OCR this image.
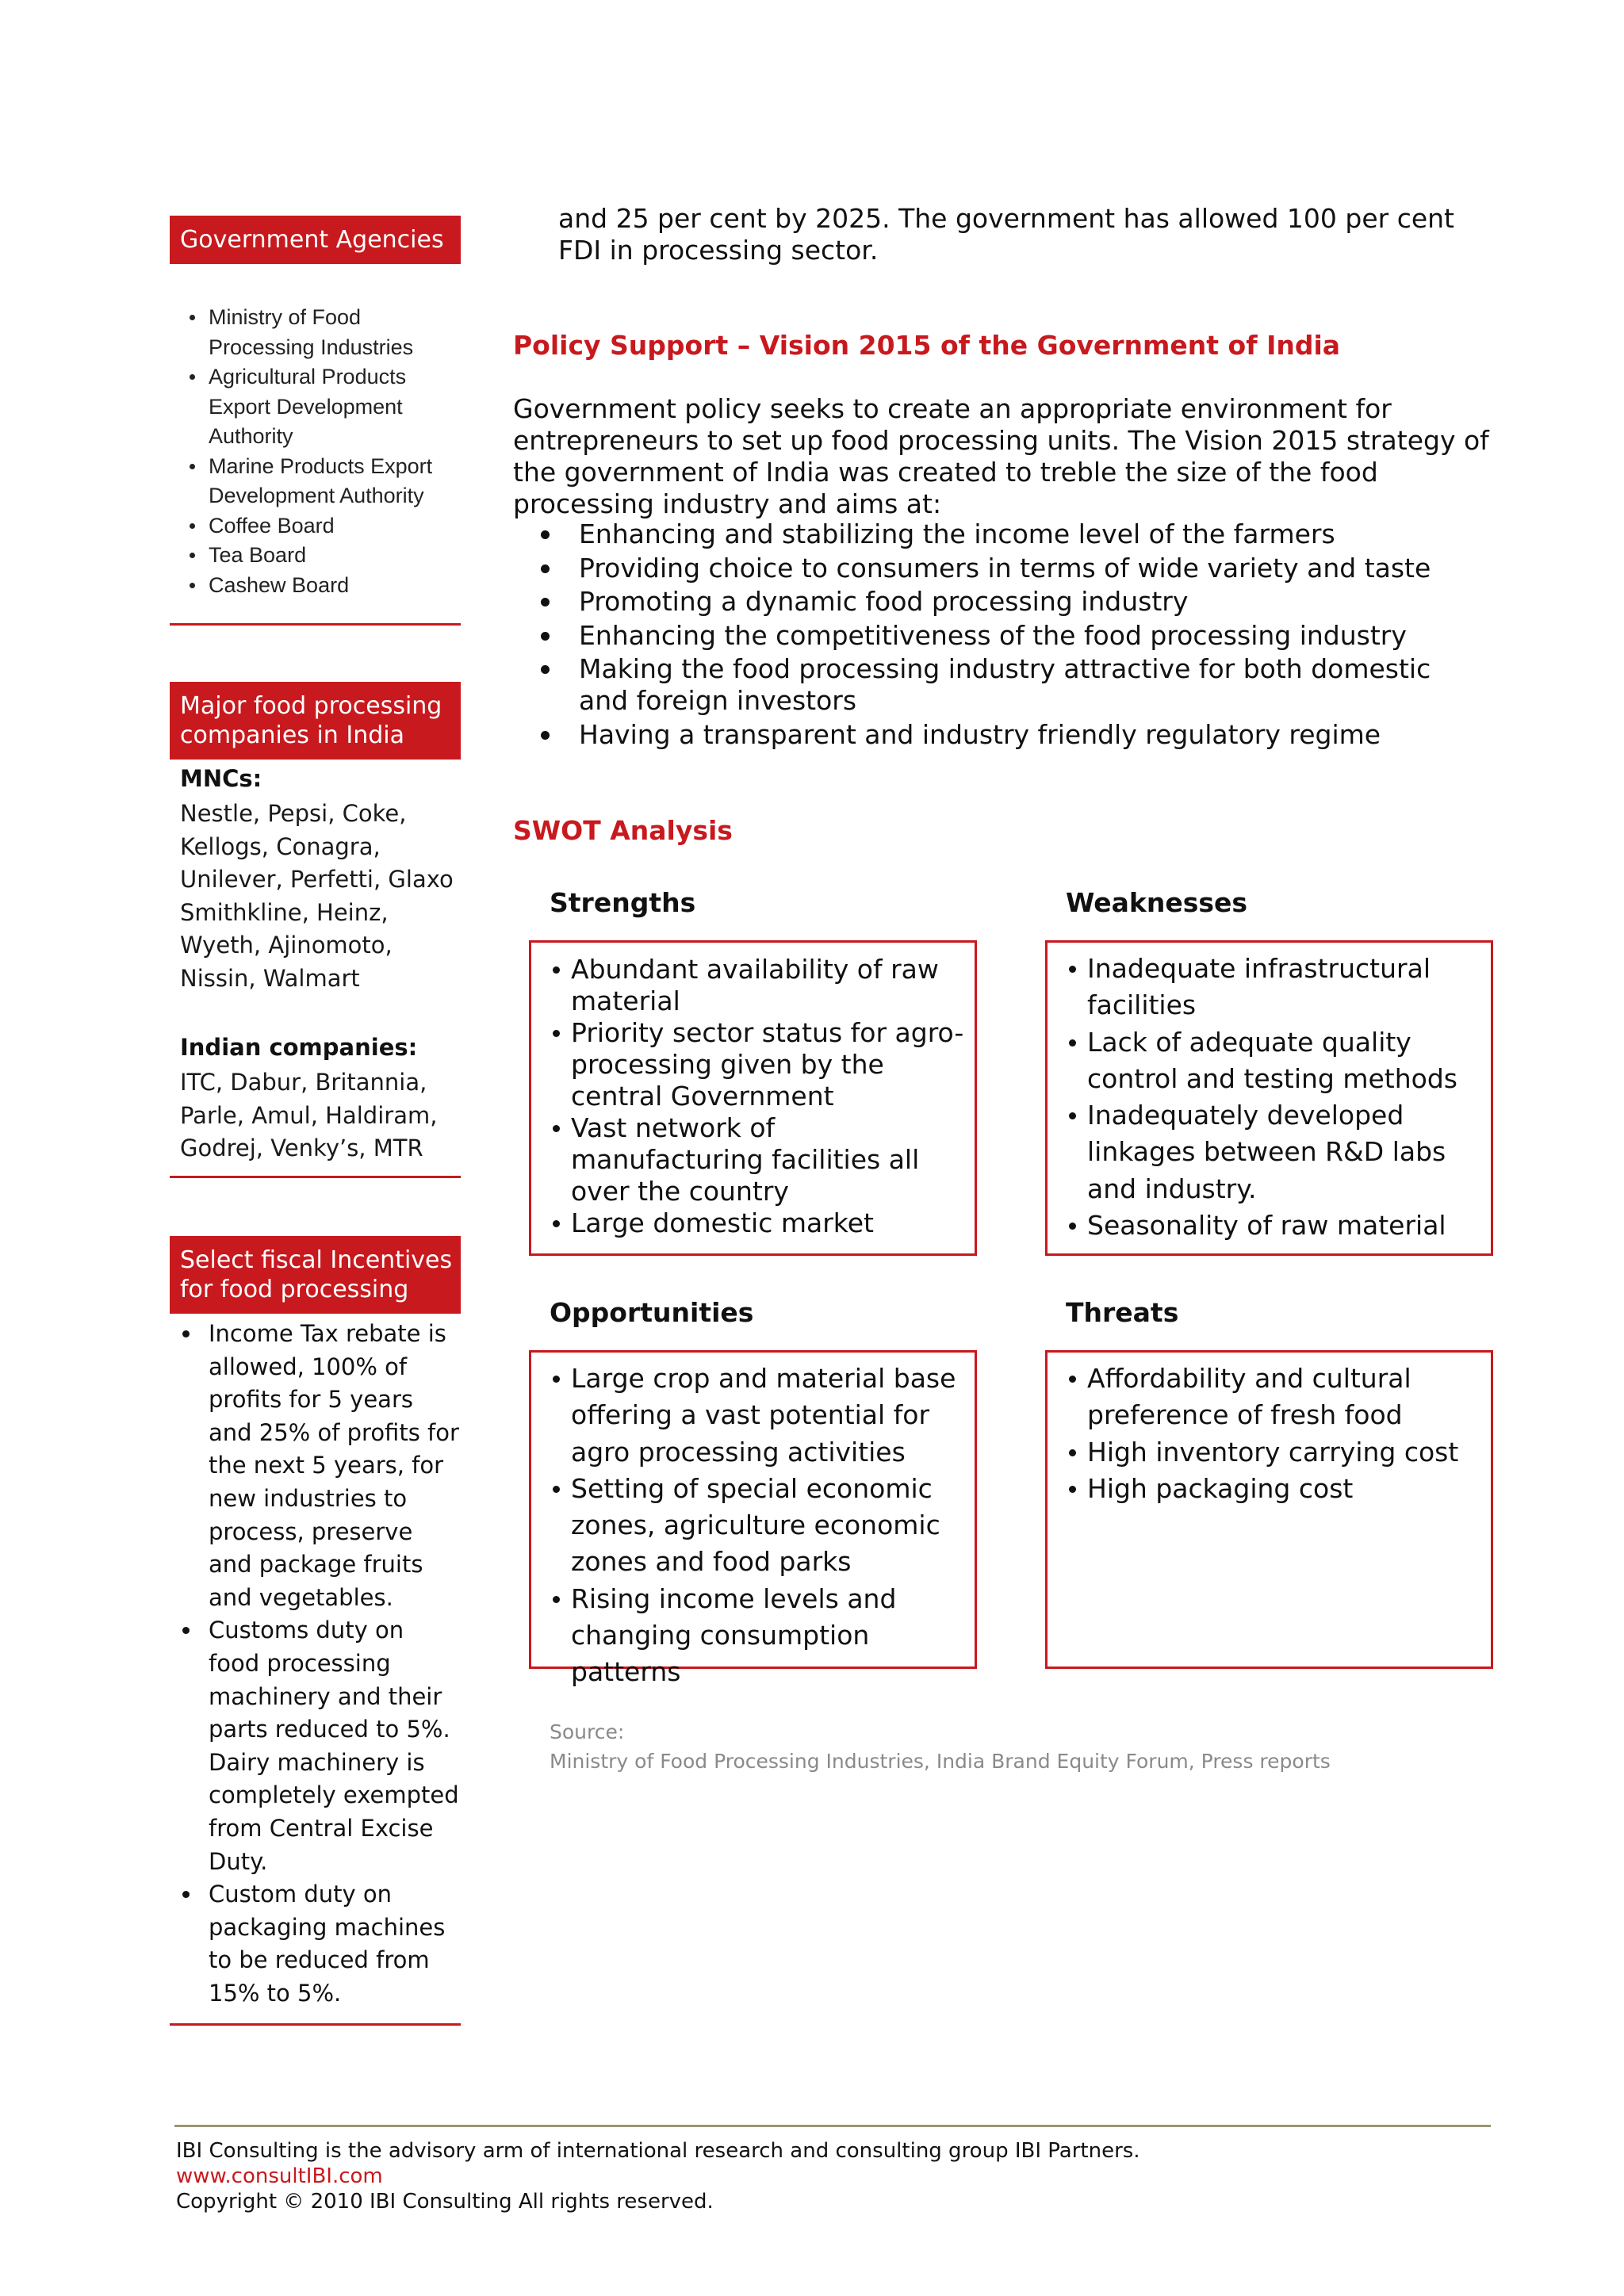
Government Agencies
Ministry of Food Processing Industries
Agricultural Products Export Development Authority
Marine Products Export Development Authority
Coffee Board
Tea Board
Cashew Board
Major food processing companies in India
MNCs:
Nestle, Pepsi, Coke, Kellogs, Conagra, Unilever, Perfetti, Glaxo Smithkline, Heinz, Wyeth, Ajinomoto, Nissin, Walmart
Indian companies:
ITC, Dabur, Britannia, Parle, Amul, Haldiram, Godrej, Venky’s, MTR
Select fiscal Incentives for food processing
Income Tax rebate is allowed, 100% of profits for 5 years and 25% of profits for the next 5 years, for new industries to process, preserve and package fruits and vegetables.
Customs duty on food processing machinery and their parts reduced to 5%. Dairy machinery is completely exempted from Central Excise Duty.
Custom duty on packaging machines to be reduced from 15% to 5%.
and 25 per cent by 2025. The government has allowed 100 per cent
FDI in processing sector.
Policy Support – Vision 2015 of the Government of India
Government policy seeks to create an appropriate environment for
entrepreneurs to set up food processing units. The Vision 2015 strategy of
the government of India was created to treble the size of the food
processing industry and aims at:
Enhancing and stabilizing the income level of the farmers
Providing choice to consumers in terms of wide variety and taste
Promoting a dynamic food processing industry
Enhancing the competitiveness of the food processing industry
Making the food processing industry attractive for both domestic and foreign investors
Having a transparent and industry friendly regulatory regime
SWOT Analysis
Strengths
Abundant availability of raw material
Priority sector status for agro-processing given by the central Government
Vast network of manufacturing facilities all over the country
Large domestic market
Weaknesses
Inadequate infrastructural facilities
Lack of adequate quality control and testing methods
Inadequately developed linkages between R&D labs and industry.
Seasonality of raw material
Opportunities
Large crop and material base offering a vast potential for agro processing activities
Setting of special economic zones, agriculture economic zones and food parks
Rising income levels and changing consumption patterns
Threats
Affordability and cultural preference of fresh food
High inventory carrying cost
High packaging cost
Source:
Ministry of Food Processing Industries, India Brand Equity Forum, Press reports
IBI Consulting is the advisory arm of international research and consulting group IBI Partners.
www.consultIBI.com
Copyright © 2010 IBI Consulting All rights reserved.
